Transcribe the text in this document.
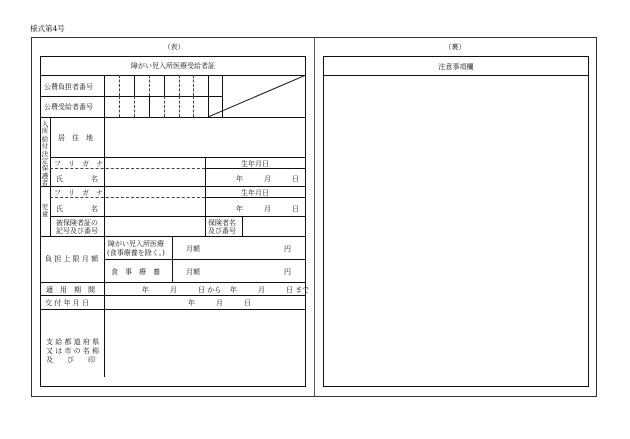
様式第4号
（表）
障がい児入所医療受給者証
公費負担者番号
公費受給者番号
入所給付決定保護者
居　住　地
フ　リ　ガ　ナ	生年月日
氏　　　　名	年　　　月　　　日
児童
フ　リ　ガ　ナ	生年月日
氏　　　　名	年　　　月　　　日
被保険者証の
記号及び番号
保険者名
及び番号
負 担 上 限 月 額
障がい児入所医療
(食事療養を除く。)	月額	円
食　事　療　養	月額	円
適　用　期　間	年　　　月　　　日 から 年　　　月　　　日 まで
交 付 年 月 日	年　　　月　　　日
支 給 都 道 府 県
又 は 市 の 名 称
及　　び　　印
（裏）
注意事項欄
